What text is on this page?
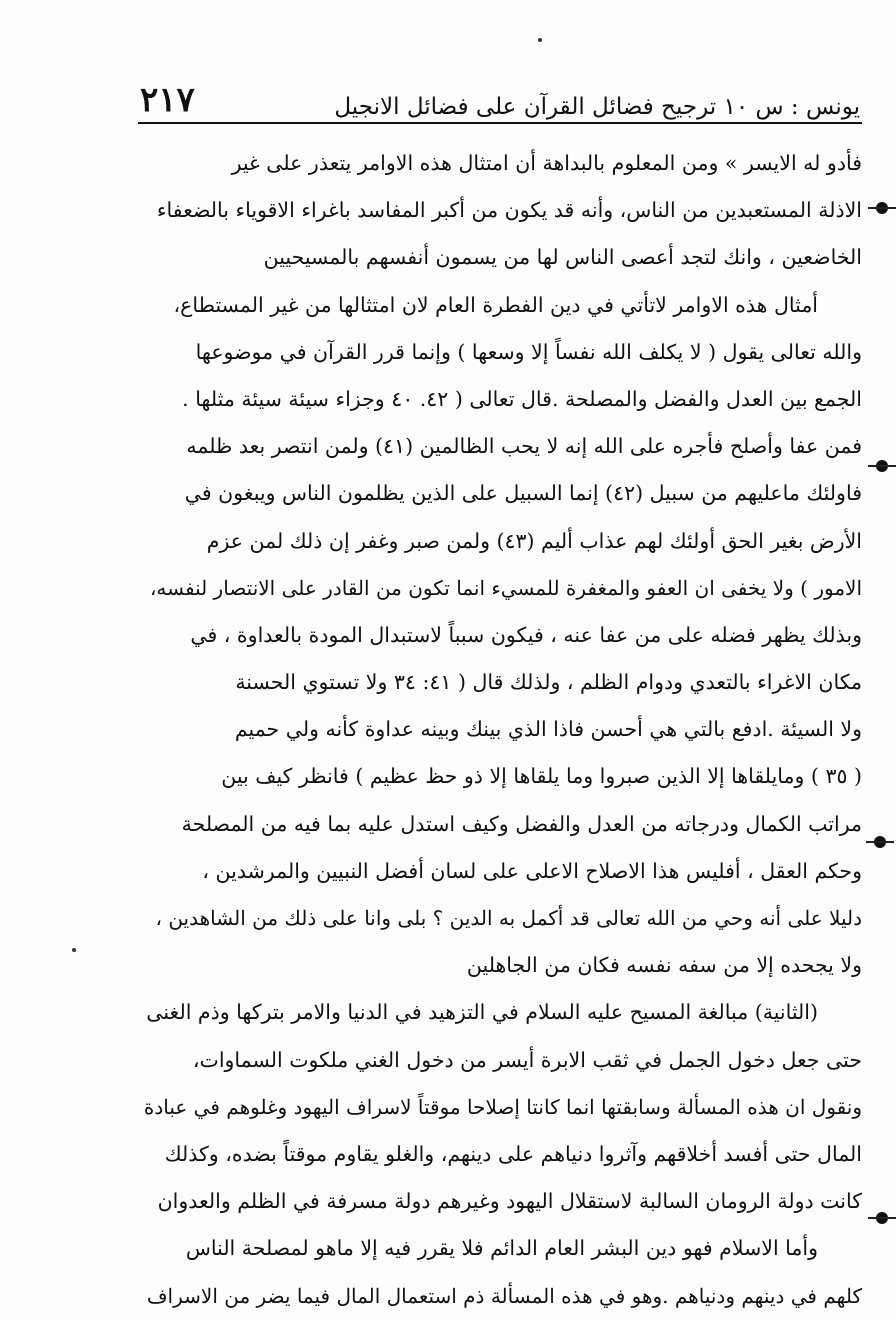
يونس : س ١٠ ترجيح فضائل القرآن على فضائل الانجيل
٢١٧
فأدو له الايسر » ومن المعلوم بالبداهة أن امتثال هذه الاوامر يتعذر على غير
الاذلة المستعبدين من الناس، وأنه قد يكون من أكبر المفاسد باغراء الاقوياء بالضعفاء
الخاضعين ، وانك لتجد أعصى الناس لها من يسمون أنفسهم بالمسيحيين
أمثال هذه الاوامر لاتأتي في دين الفطرة العام لان امتثالها من غير المستطاع،
والله تعالى يقول ( لا يكلف الله نفساً إلا وسعها ) وإنما قرر القرآن في موضوعها
الجمع بين العدل والفضل والمصلحة .قال تعالى ( ٤٢. ٤٠ وجزاء سيئة سيئة مثلها .
فمن عفا وأصلح فأجره على الله إنه لا يحب الظالمين (٤١) ولمن انتصر بعد ظلمه
فاولئك ماعليهم من سبيل (٤٢) إنما السبيل على الذين يظلمون الناس ويبغون في
الأرض بغير الحق أولئك لهم عذاب أليم (٤٣) ولمن صبر وغفر إن ذلك لمن عزم
الامور ) ولا يخفى ان العفو والمغفرة للمسيء انما تكون من القادر على الانتصار لنفسه،
وبذلك يظهر فضله على من عفا عنه ، فيكون سبباً لاستبدال المودة بالعداوة ، في
مكان الاغراء بالتعدي ودوام الظلم ، ولذلك قال ( ٤١: ٣٤ ولا تستوي الحسنة
ولا السيئة .ادفع بالتي هي أحسن فاذا الذي بينك وبينه عداوة كأنه ولي حميم
( ٣٥ ) ومايلقاها إلا الذين صبروا وما يلقاها إلا ذو حظ عظيم ) فانظر كيف بين
مراتب الكمال ودرجاته من العدل والفضل وكيف استدل عليه بما فيه من المصلحة
وحكم العقل ، أفليس هذا الاصلاح الاعلى على لسان أفضل النبيين والمرشدين ،
دليلا على أنه وحي من الله تعالى قد أكمل به الدين ؟ بلى وانا على ذلك من الشاهدين ،
ولا يجحده إلا من سفه نفسه فكان من الجاهلين
(الثانية) مبالغة المسيح عليه السلام في التزهيد في الدنيا والامر بتركها وذم الغنى
حتى جعل دخول الجمل في ثقب الابرة أيسر من دخول الغني ملكوت السماوات،
ونقول ان هذه المسألة وسابقتها انما كانتا إصلاحا موقتاً لاسراف اليهود وغلوهم في عبادة
المال حتى أفسد أخلاقهم وآثروا دنياهم على دينهم، والغلو يقاوم موقتاً بضده، وكذلك
كانت دولة الرومان السالبة لاستقلال اليهود وغيرهم دولة مسرفة في الظلم والعدوان
وأما الاسلام فهو دين البشر العام الدائم فلا يقرر فيه إلا ماهو لمصلحة الناس
كلهم في دينهم ودنياهم .وهو في هذه المسألة ذم استعمال المال فيما يضر من الاسراف
